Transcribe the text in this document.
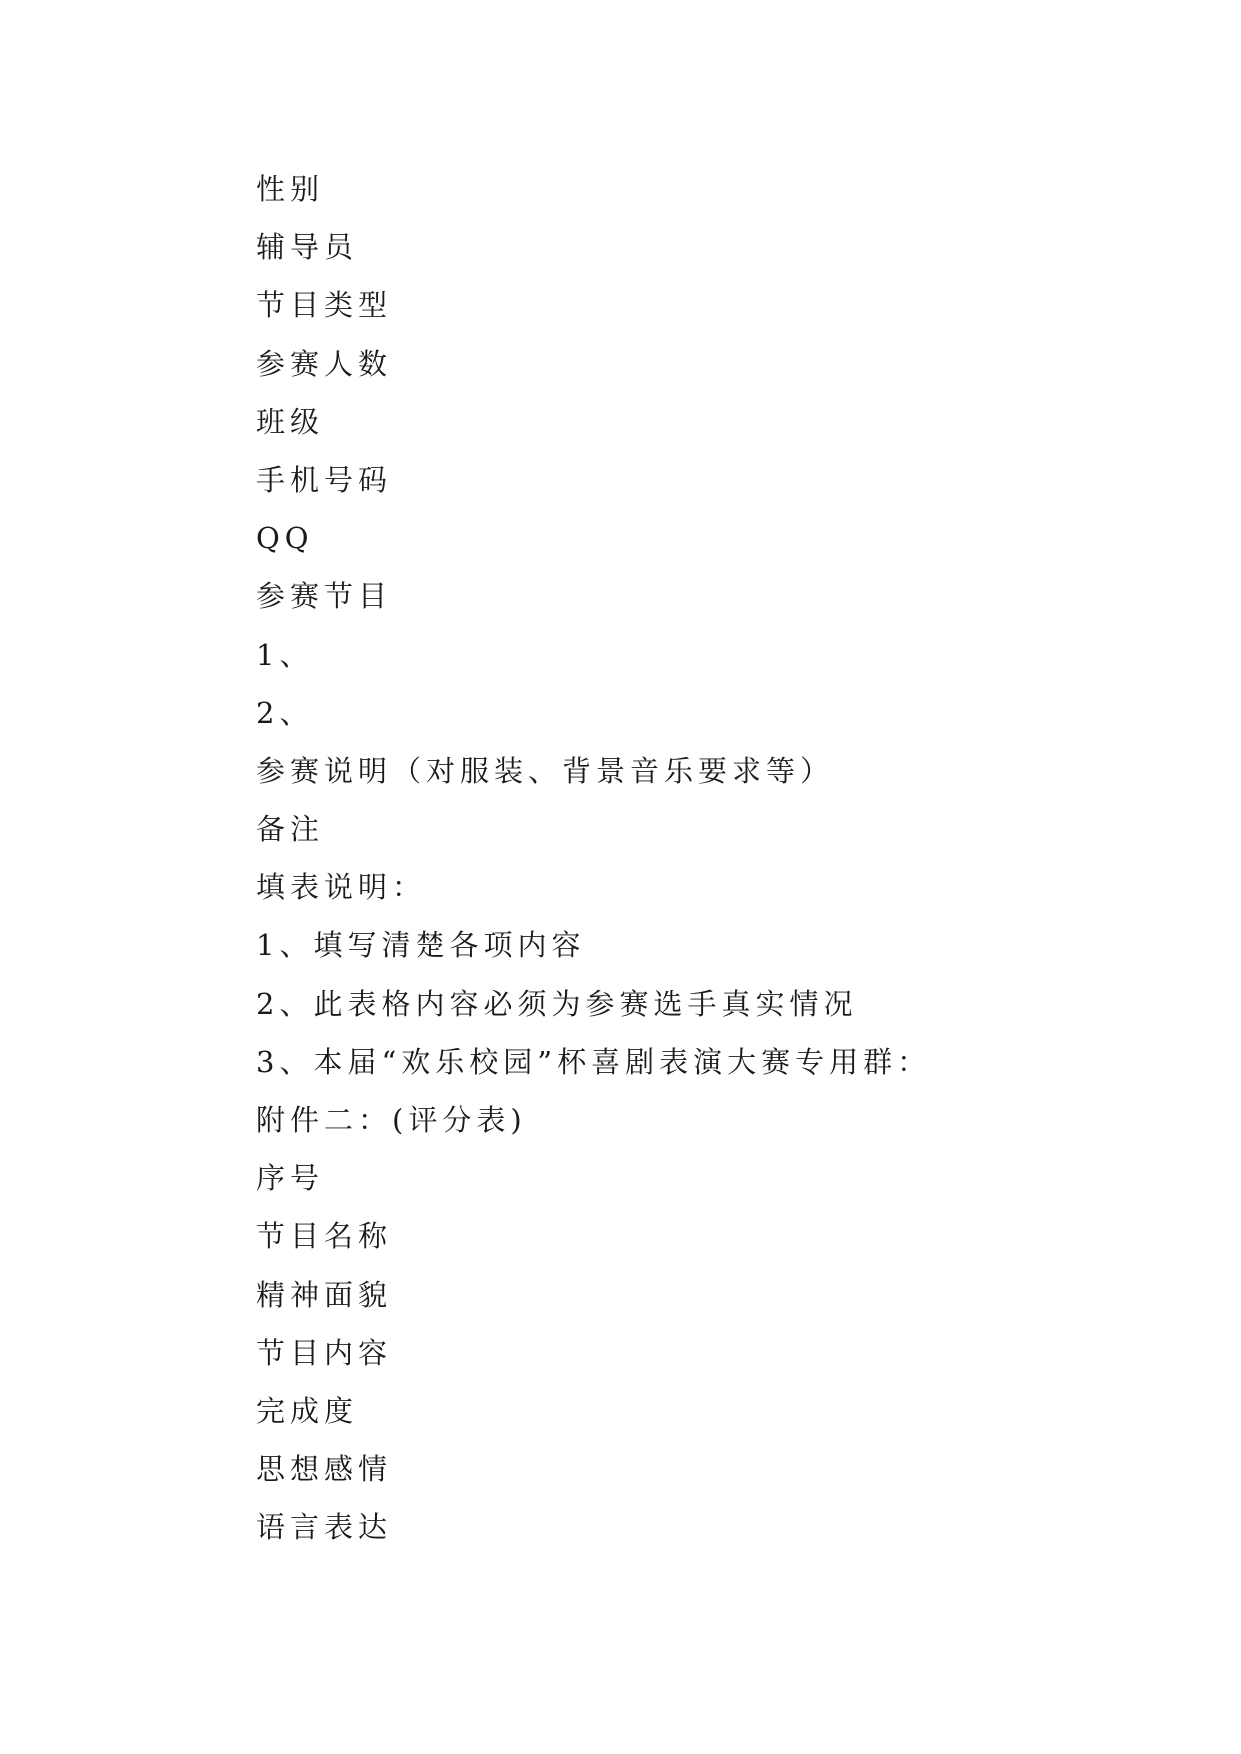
性别
辅导员
节目类型
参赛人数
班级
手机号码
QQ
参赛节目
1、
2、
参赛说明（对服装、背景音乐要求等）
备注
填表说明：
1、填写清楚各项内容
2、此表格内容必须为参赛选手真实情况
3、本届“欢乐校园”杯喜剧表演大赛专用群：
附件二：(评分表)
序号
节目名称
精神面貌
节目内容
完成度
思想感情
语言表达
